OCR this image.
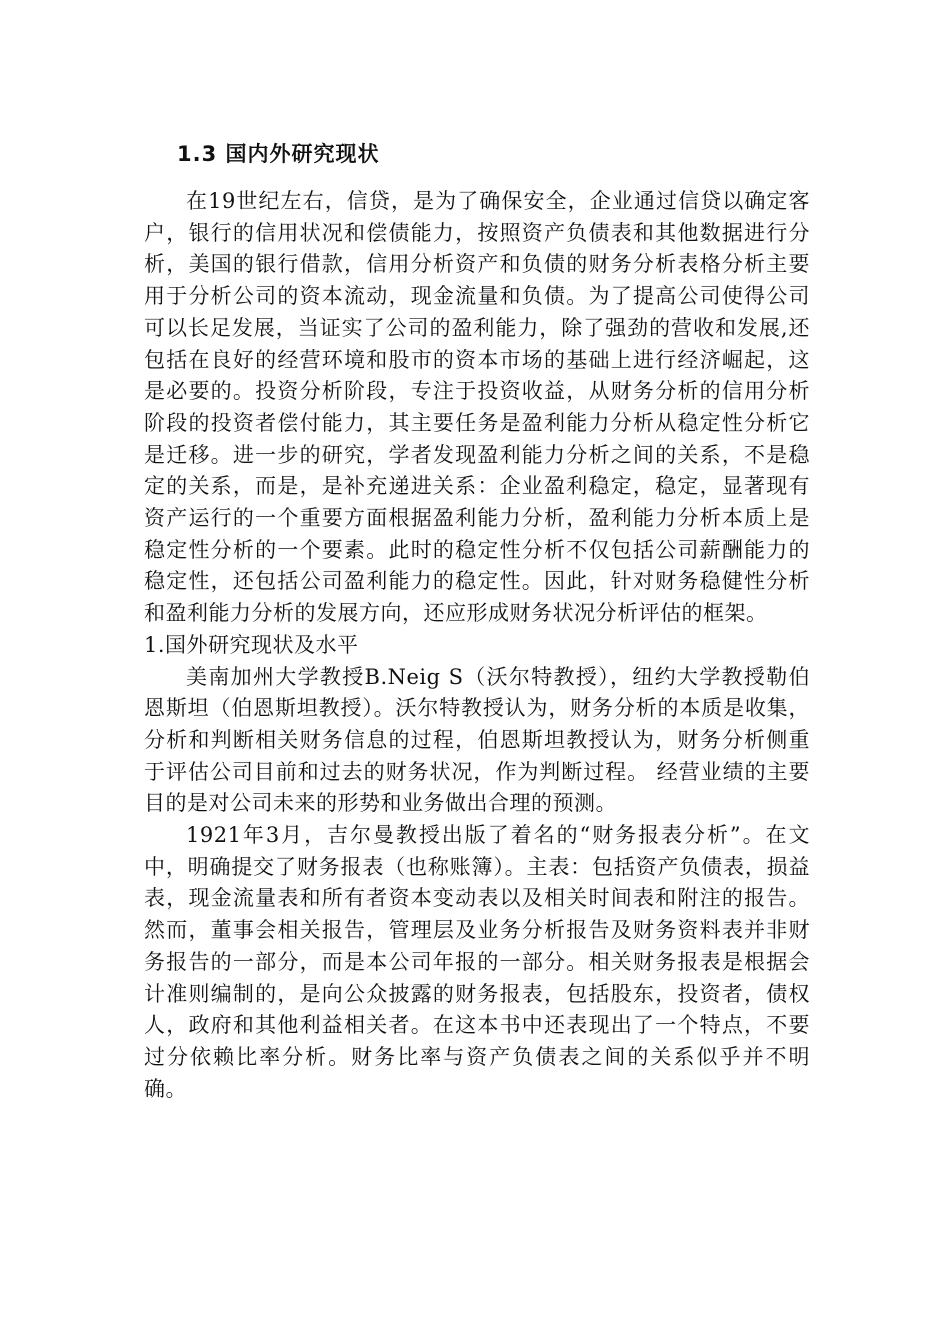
1.3 国内外研究现状

在19世纪左右，信贷，是为了确保安全，企业通过信贷以确定客户，银行的信用状况和偿债能力，按照资产负债表和其他数据进行分析，美国的银行借款，信用分析资产和负债的财务分析表格分析主要用于分析公司的资本流动，现金流量和负债。为了提高公司使得公司可以长足发展，当证实了公司的盈利能力，除了强劲的营收和发展,还包括在良好的经营环境和股市的资本市场的基础上进行经济崛起，这是必要的。投资分析阶段，专注于投资收益，从财务分析的信用分析阶段的投资者偿付能力，其主要任务是盈利能力分析从稳定性分析它是迁移。进一步的研究，学者发现盈利能力分析之间的关系，不是稳定的关系，而是，是补充递进关系：企业盈利稳定，稳定，显著现有资产运行的一个重要方面根据盈利能力分析，盈利能力分析本质上是稳定性分析的一个要素。此时的稳定性分析不仅包括公司薪酬能力的稳定性，还包括公司盈利能力的稳定性。因此，针对财务稳健性分析和盈利能力分析的发展方向，还应形成财务状况分析评估的框架。

1.国外研究现状及水平

美南加州大学教授B.Neig S（沃尔特教授），纽约大学教授勒伯恩斯坦（伯恩斯坦教授）。沃尔特教授认为，财务分析的本质是收集，分析和判断相关财务信息的过程，伯恩斯坦教授认为，财务分析侧重于评估公司目前和过去的财务状况，作为判断过程。 经营业绩的主要目的是对公司未来的形势和业务做出合理的预测。

1921年3月，吉尔曼教授出版了着名的“财务报表分析”。在文中，明确提交了财务报表（也称账簿）。主表：包括资产负债表，损益表，现金流量表和所有者资本变动表以及相关时间表和附注的报告。然而，董事会相关报告，管理层及业务分析报告及财务资料表并非财务报告的一部分，而是本公司年报的一部分。相关财务报表是根据会计准则编制的，是向公众披露的财务报表，包括股东，投资者，债权人，政府和其他利益相关者。在这本书中还表现出了一个特点，不要过分依赖比率分析。财务比率与资产负债表之间的关系似乎并不明确。
